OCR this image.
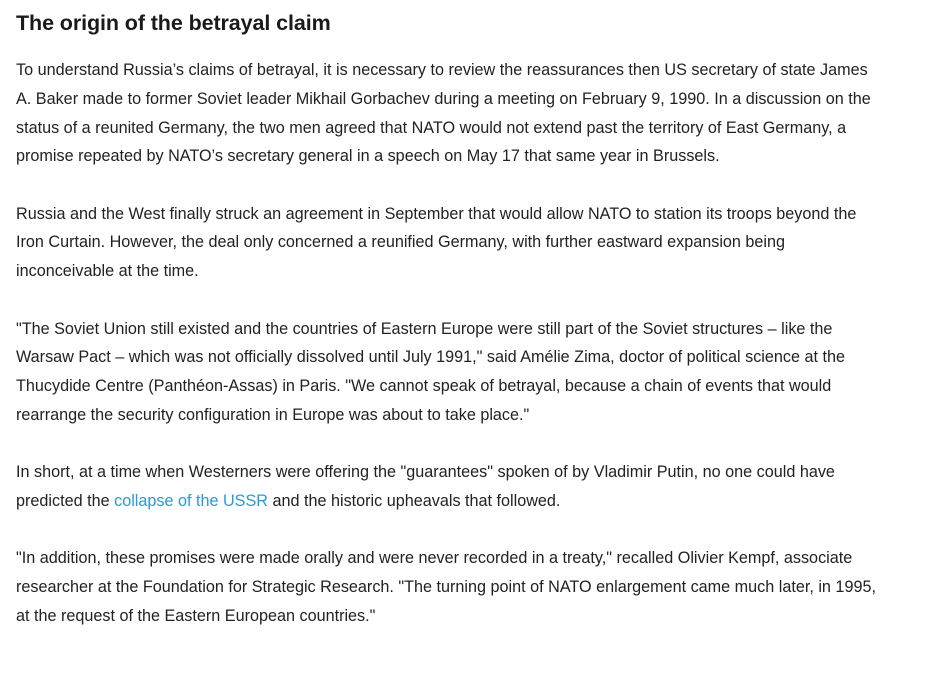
The origin of the betrayal claim

To understand Russia’s claims of betrayal, it is necessary to review the reassurances then US secretary of state James A. Baker made to former Soviet leader Mikhail Gorbachev during a meeting on February 9, 1990. In a discussion on the status of a reunited Germany, the two men agreed that NATO would not extend past the territory of East Germany, a promise repeated by NATO’s secretary general in a speech on May 17 that same year in Brussels.

Russia and the West finally struck an agreement in September that would allow NATO to station its troops beyond the Iron Curtain. However, the deal only concerned a reunified Germany, with further eastward expansion being inconceivable at the time.

"The Soviet Union still existed and the countries of Eastern Europe were still part of the Soviet structures – like the Warsaw Pact – which was not officially dissolved until July 1991," said Amélie Zima, doctor of political science at the Thucydide Centre (Panthéon-Assas) in Paris. "We cannot speak of betrayal, because a chain of events that would rearrange the security configuration in Europe was about to take place."

In short, at a time when Westerners were offering the "guarantees" spoken of by Vladimir Putin, no one could have predicted the collapse of the USSR and the historic upheavals that followed.

"In addition, these promises were made orally and were never recorded in a treaty," recalled Olivier Kempf, associate researcher at the Foundation for Strategic Research. "The turning point of NATO enlargement came much later, in 1995, at the request of the Eastern European countries."
